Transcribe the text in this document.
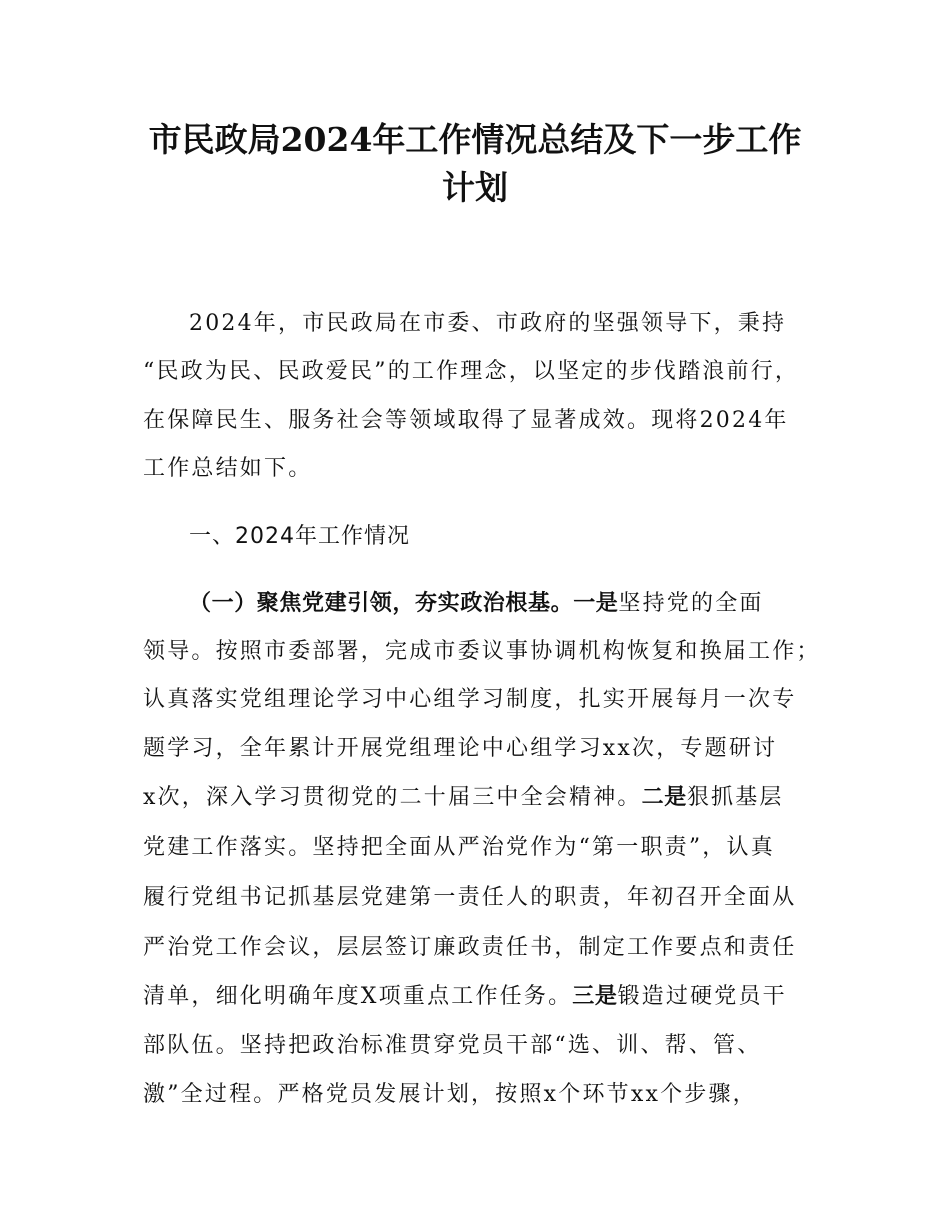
市民政局2024年工作情况总结及下一步工作
计划

2024年，市民政局在市委、市政府的坚强领导下，秉持

“民政为民、民政爱民”的工作理念，以坚定的步伐踏浪前行，

在保障民生、服务社会等领域取得了显著成效。现将2024年

工作总结如下。

一、2024年工作情况

（一）聚焦党建引领，夯实政治根基。一是坚持党的全面

领导。按照市委部署，完成市委议事协调机构恢复和换届工作；

认真落实党组理论学习中心组学习制度，扎实开展每月一次专

题学习，全年累计开展党组理论中心组学习xx次，专题研讨

x次，深入学习贯彻党的二十届三中全会精神。二是狠抓基层

党建工作落实。坚持把全面从严治党作为“第一职责”，认真

履行党组书记抓基层党建第一责任人的职责，年初召开全面从

严治党工作会议，层层签订廉政责任书，制定工作要点和责任

清单，细化明确年度X项重点工作任务。三是锻造过硬党员干

部队伍。坚持把政治标准贯穿党员干部“选、训、帮、管、

激”全过程。严格党员发展计划，按照x个环节xx个步骤，
